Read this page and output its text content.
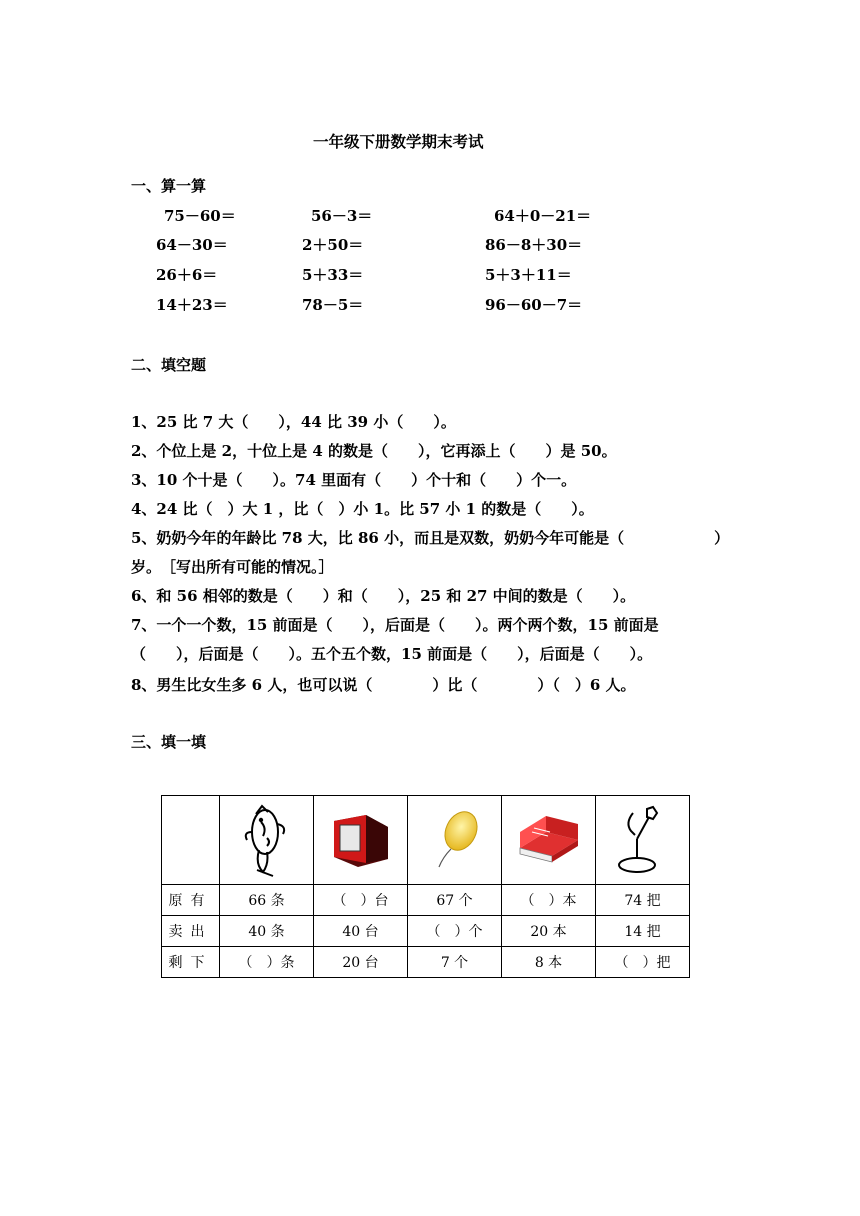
一年级下册数学期末考试
一、算一算
75－60＝	56－3＝	64＋0－21＝
64－30＝	2＋50＝	86－8＋30＝
26＋6＝	5＋33＝	5＋3＋11＝
14＋23＝	78－5＝	96－60－7＝
二、填空题
1、25 比 7 大（　　），44 比 39 小（　　）。
2、个位上是 2，十位上是 4 的数是（　　），它再添上（　　）是 50。
3、10 个十是（　　）。74 里面有（　　）个十和（　　）个一。
4、24 比（　）大 1 ，比（　）小 1。比 57 小 1 的数是（　　）。
5、奶奶今年的年龄比 78 大，比 86 小，而且是双数，奶奶今年可能是（　　　　　　）
岁。　［写出所有可能的情况。］
6、和 56 相邻的数是（　　）和（　　），25 和 27 中间的数是（　　）。
7、一个一个数，15 前面是（　　），后面是（　　）。两个两个数，15 前面是
（　　），后面是（　　）。五个五个数，15 前面是（　　），后面是（　　）。
8、男生比女生多 6 人，也可以说（　　　　）比（　　　　）（　）6 人。
三、填一填

原有	66 条	（　）台	67 个	（　）本	74 把
卖出	40 条	40 台	（　）个	20 本	14 把
剩下	（　）条	20 台	7 个	8 本	（　）把
